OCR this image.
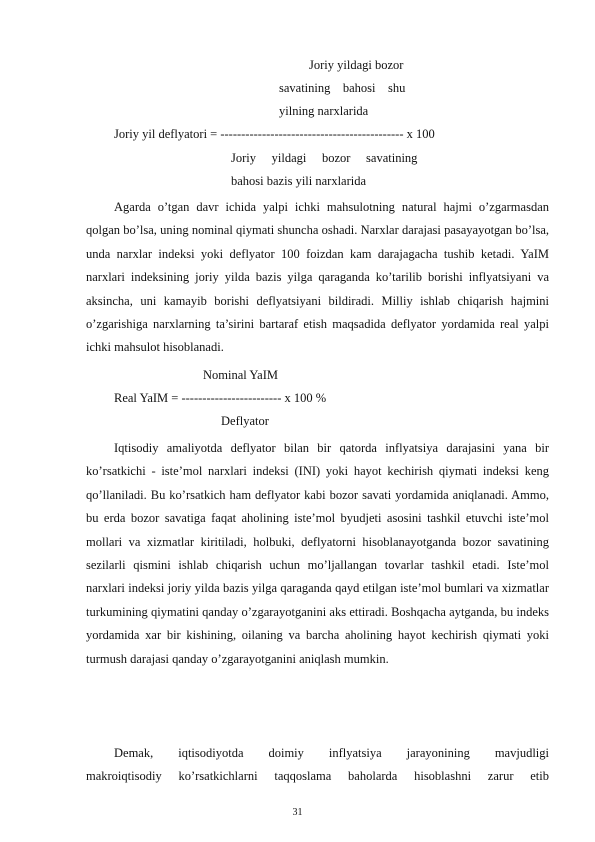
Joriy yildagi bozor
savatining    bahosi    shu
yilning narxlarida
Joriy yil deflyatori = -------------------------------------------- x 100
Joriy     yildagi     bozor     savatining
bahosi bazis yili narxlarida

Agarda o’tgan davr ichida yalpi ichki mahsulotning natural hajmi o’zgarmasdan qolgan bo’lsa, uning nominal qiymati shuncha oshadi. Narxlar darajasi pasayayotgan bo’lsa, unda narxlar indeksi yoki deflyator 100 foizdan kam darajagacha tushib ketadi. YaIM narxlari indeksining joriy yilda bazis yilga qaraganda ko’tarilib borishi inflyatsiyani va aksincha, uni kamayib borishi deflyatsiyani bildiradi. Milliy ishlab chiqarish hajmini o’zgarishiga narxlarning ta’sirini bartaraf etish maqsadida deflyator yordamida real yalpi ichki mahsulot hisoblanadi.

Nominal YaIM
Real YaIM = ------------------------ x 100 %
Deflyator

Iqtisodiy amaliyotda deflyator bilan bir qatorda inflyatsiya darajasini yana bir ko’rsatkichi - iste’mol narxlari indeksi (INI) yoki hayot kechirish qiymati indeksi keng qo’llaniladi. Bu ko’rsatkich ham deflyator kabi bozor savati yordamida aniqlanadi. Ammo, bu erda bozor savatiga faqat aholining iste’mol byudjeti asosini tashkil etuvchi iste’mol mollari va xizmatlar kiritiladi, holbuki, deflyatorni hisoblanayotganda bozor savatining sezilarli qismini ishlab chiqarish uchun mo’ljallangan tovarlar tashkil etadi. Iste’mol narxlari indeksi joriy yilda bazis yilga qaraganda qayd etilgan iste’mol bumlari va xizmatlar turkumining qiymatini qanday o’zgarayotganini aks ettiradi. Boshqacha aytganda, bu indeks yordamida xar bir kishining, oilaning va barcha aholining hayot kechirish qiymati yoki turmush darajasi qanday o’zgarayotganini aniqlash mumkin.

Demak, iqtisodiyotda doimiy inflyatsiya jarayonining mavjudligi
makroiqtisodiy ko’rsatkichlarni taqqoslama baholarda hisoblashni zarur etib
31
